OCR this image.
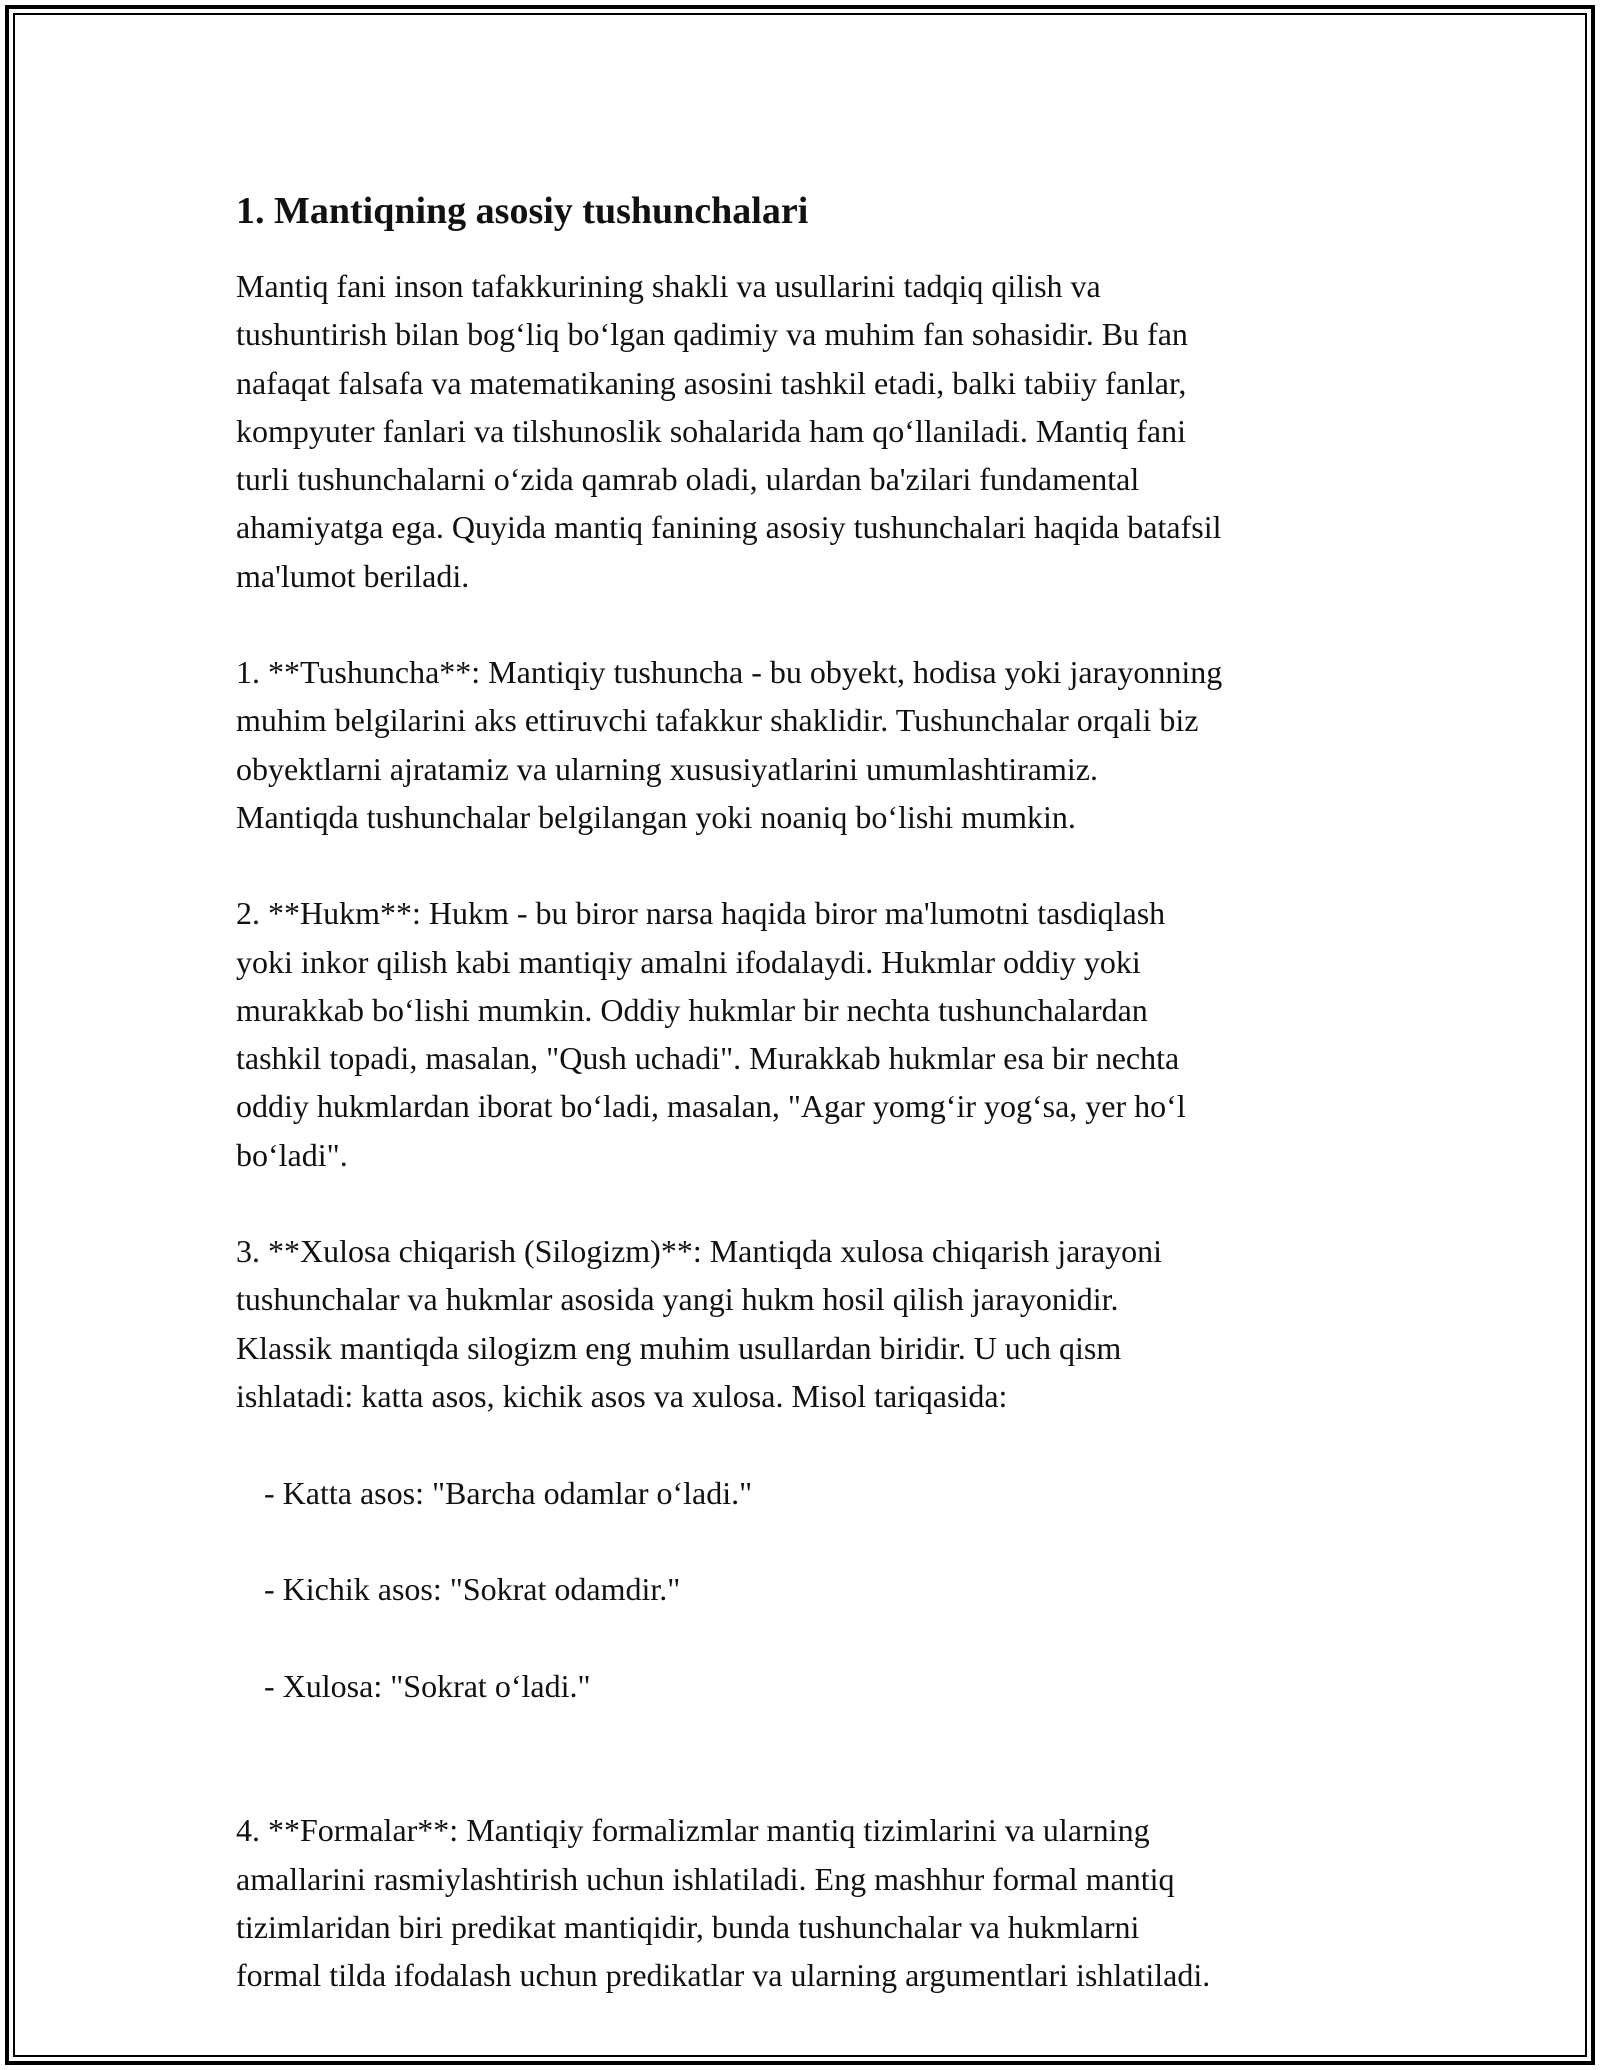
1. Mantiqning asosiy tushunchalari

Mantiq fani inson tafakkurining shakli va usullarini tadqiq qilish va
tushuntirish bilan bog‘liq bo‘lgan qadimiy va muhim fan sohasidir. Bu fan
nafaqat falsafa va matematikaning asosini tashkil etadi, balki tabiiy fanlar,
kompyuter fanlari va tilshunoslik sohalarida ham qo‘llaniladi. Mantiq fani
turli tushunchalarni o‘zida qamrab oladi, ulardan ba'zilari fundamental
ahamiyatga ega. Quyida mantiq fanining asosiy tushunchalari haqida batafsil
ma'lumot beriladi.

1. **Tushuncha**: Mantiqiy tushuncha - bu obyekt, hodisa yoki jarayonning
muhim belgilarini aks ettiruvchi tafakkur shaklidir. Tushunchalar orqali biz
obyektlarni ajratamiz va ularning xususiyatlarini umumlashtiramiz.
Mantiqda tushunchalar belgilangan yoki noaniq bo‘lishi mumkin.

2. **Hukm**: Hukm - bu biror narsa haqida biror ma'lumotni tasdiqlash
yoki inkor qilish kabi mantiqiy amalni ifodalaydi. Hukmlar oddiy yoki
murakkab bo‘lishi mumkin. Oddiy hukmlar bir nechta tushunchalardan
tashkil topadi, masalan, "Qush uchadi". Murakkab hukmlar esa bir nechta
oddiy hukmlardan iborat bo‘ladi, masalan, "Agar yomg‘ir yog‘sa, yer ho‘l
bo‘ladi".

3. **Xulosa chiqarish (Silogizm)**: Mantiqda xulosa chiqarish jarayoni
tushunchalar va hukmlar asosida yangi hukm hosil qilish jarayonidir.
Klassik mantiqda silogizm eng muhim usullardan biridir. U uch qism
ishlatadi: katta asos, kichik asos va xulosa. Misol tariqasida:

- Katta asos: "Barcha odamlar o‘ladi."

- Kichik asos: "Sokrat odamdir."

- Xulosa: "Sokrat o‘ladi."

4. **Formalar**: Mantiqiy formalizmlar mantiq tizimlarini va ularning
amallarini rasmiylashtirish uchun ishlatiladi. Eng mashhur formal mantiq
tizimlaridan biri predikat mantiqidir, bunda tushunchalar va hukmlarni
formal tilda ifodalash uchun predikatlar va ularning argumentlari ishlatiladi.
